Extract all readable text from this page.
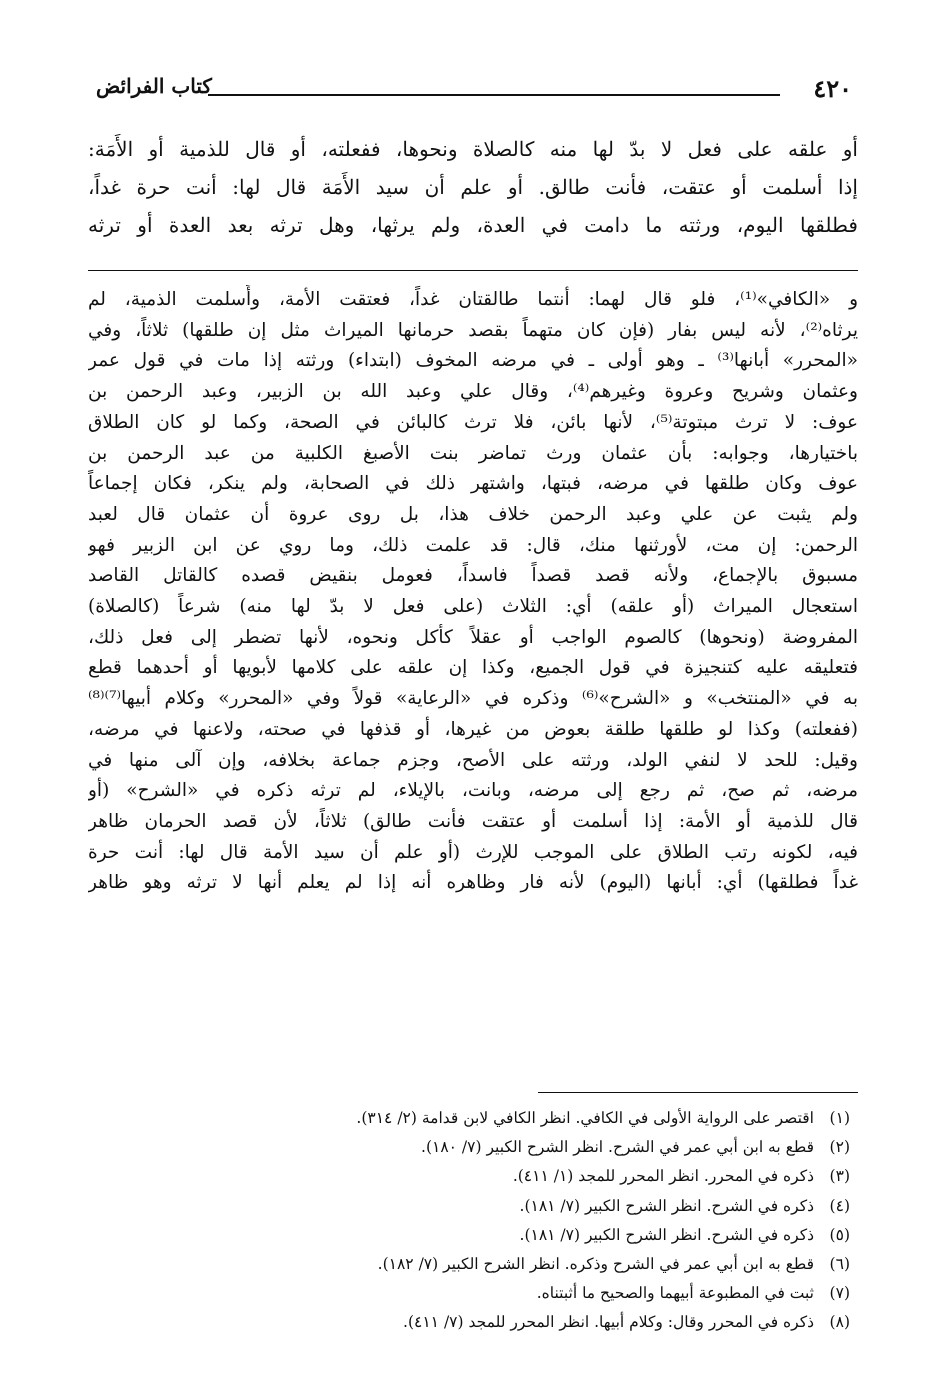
٤٢٠
كتاب الفرائض
أو علقه على فعل لا بدّ لها منه كالصلاة ونحوها، ففعلته، أو قال للذمية أو الأَمَة:
إذا أسلمت أو عتقت، فأنت طالق. أو علم أن سيد الأَمَة قال لها: أنت حرة غداً،
فطلقها اليوم، ورثته ما دامت في العدة، ولم يرثها، وهل ترثه بعد العدة أو ترثه
و «الكافي»⁽¹⁾، فلو قال لهما: أنتما طالقتان غداً، فعتقت الأمة، وأَسلمت الذمية، لم
يرثاه⁽²⁾، لأنه ليس بفار (فإن كان متهماً بقصد حرمانها الميراث مثل إن طلقها) ثلاثاً، وفي
«المحرر» أبانها⁽³⁾ ـ وهو أولى ـ في مرضه المخوف (ابتداء) ورثته إذا مات في قول عمر
وعثمان وشريح وعروة وغيرهم⁽⁴⁾، وقال علي وعبد الله بن الزبير، وعبد الرحمن بن
عوف: لا ترث مبتوتة⁽⁵⁾، لأنها بائن، فلا ترث كالبائن في الصحة، وكما لو كان الطلاق
باختيارها، وجوابه: بأن عثمان ورث تماضر بنت الأصبغ الكلبية من عبد الرحمن بن
عوف وكان طلقها في مرضه، فبتها، واشتهر ذلك في الصحابة، ولم ينكر، فكان إجماعاً
ولم يثبت عن علي وعبد الرحمن خلاف هذا، بل روى عروة أن عثمان قال لعبد
الرحمن: إن مت، لأورثنها منك، قال: قد علمت ذلك، وما روي عن ابن الزبير فهو
مسبوق بالإجماع، ولأنه قصد قصداً فاسداً، فعومل بنقيض قصده كالقاتل القاصد
استعجال الميراث (أو علقه) أي: الثلاث (على فعل لا بدّ لها منه) شرعاً (كالصلاة)
المفروضة (ونحوها) كالصوم الواجب أو عقلاً كأكل ونحوه، لأنها تضطر إلى فعل ذلك،
فتعليقه عليه كتنجيزة في قول الجميع، وكذا إن علقه على كلامها لأبويها أو أحدهما قطع
به في «المنتخب» و «الشرح»⁽⁶⁾ وذكره في «الرعاية» قولاً وفي «المحرر» وكلام أبيها⁽⁷⁾⁽⁸⁾
(ففعلته) وكذا لو طلقها طلقة بعوض من غيرها، أو قذفها في صحته، ولاعنها في مرضه،
وقيل: للحد لا لنفي الولد، ورثته على الأصح، وجزم جماعة بخلافه، وإن آلى منها في
مرضه، ثم صح، ثم رجع إلى مرضه، وبانت، بالإيلاء، لم ترثه ذكره في «الشرح» (أو
قال للذمية أو الأمة: إذا أسلمت أو عتقت فأنت طالق) ثلاثاً، لأن قصد الحرمان ظاهر
فيه، لكونه رتب الطلاق على الموجب للإرث (أو علم أن سيد الأمة قال لها: أنت حرة
غداً فطلقها) أي: أبانها (اليوم) لأنه فار وظاهره أنه إذا لم يعلم أنها لا ترثه وهو ظاهر
(١)اقتصر على الرواية الأولى في الكافي. انظر الكافي لابن قدامة (٢/ ٣١٤).
(٢)قطع به ابن أبي عمر في الشرح. انظر الشرح الكبير (٧/ ١٨٠).
(٣)ذكره في المحرر. انظر المحرر للمجد (١/ ٤١١).
(٤)ذكره في الشرح. انظر الشرح الكبير (٧/ ١٨١).
(٥)ذكره في الشرح. انظر الشرح الكبير (٧/ ١٨١).
(٦)قطع به ابن أبي عمر في الشرح وذكره. انظر الشرح الكبير (٧/ ١٨٢).
(٧)ثبت في المطبوعة أبيهما والصحيح ما أثبتناه.
(٨)ذكره في المحرر وقال: وكلام أبيها. انظر المحرر للمجد (٧/ ٤١١).
